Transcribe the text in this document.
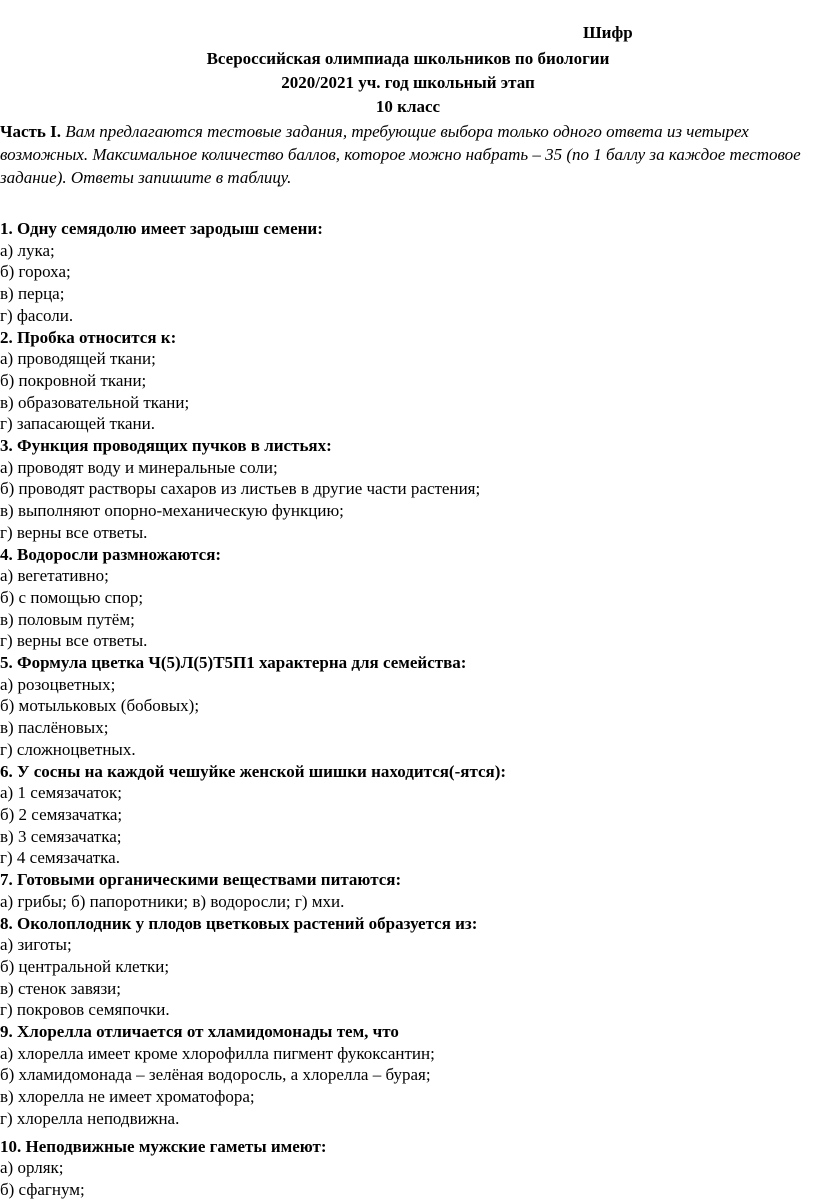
Шифр
Всероссийская олимпиада школьников по биологии
2020/2021 уч. год школьный этап
10 класс
Часть I. Вам предлагаются тестовые задания, требующие выбора только одного ответа из четырех возможных. Максимальное количество баллов, которое можно набрать – 35 (по 1 баллу за каждое тестовое задание). Ответы запишите в таблицу.
1. Одну семядолю имеет зародыш семени:
а) лука;
б) гороха;
в) перца;
г) фасоли.
2. Пробка относится к:
а) проводящей ткани;
б) покровной ткани;
в) образовательной ткани;
г) запасающей ткани.
3. Функция проводящих пучков в листьях:
а) проводят воду и минеральные соли;
б) проводят растворы сахаров из листьев в другие части растения;
в) выполняют опорно-механическую функцию;
г) верны все ответы.
4. Водоросли размножаются:
а) вегетативно;
б) с помощью спор;
в) половым путём;
г) верны все ответы.
5. Формула цветка Ч(5)Л(5)Т5П1 характерна для семейства:
а) розоцветных;
б) мотыльковых (бобовых);
в) паслёновых;
г) сложноцветных.
6. У сосны на каждой чешуйке женской шишки находится(-ятся):
а) 1 семязачаток;
б) 2 семязачатка;
в) 3 семязачатка;
г) 4 семязачатка.
7. Готовыми органическими веществами питаются:
а) грибы; б) папоротники; в) водоросли; г) мхи.
8. Околоплодник у плодов цветковых растений образуется из:
а) зиготы;
б) центральной клетки;
в) стенок завязи;
г) покровов семяпочки.
9. Хлорелла отличается от хламидомонады тем, что
а) хлорелла имеет кроме хлорофилла пигмент фукоксантин;
б) хламидомонада – зелёная водоросль, а хлорелла – бурая;
в) хлорелла не имеет хроматофора;
г) хлорелла неподвижна.
10. Неподвижные мужские гаметы имеют:
а) орляк;
б) сфагнум;
